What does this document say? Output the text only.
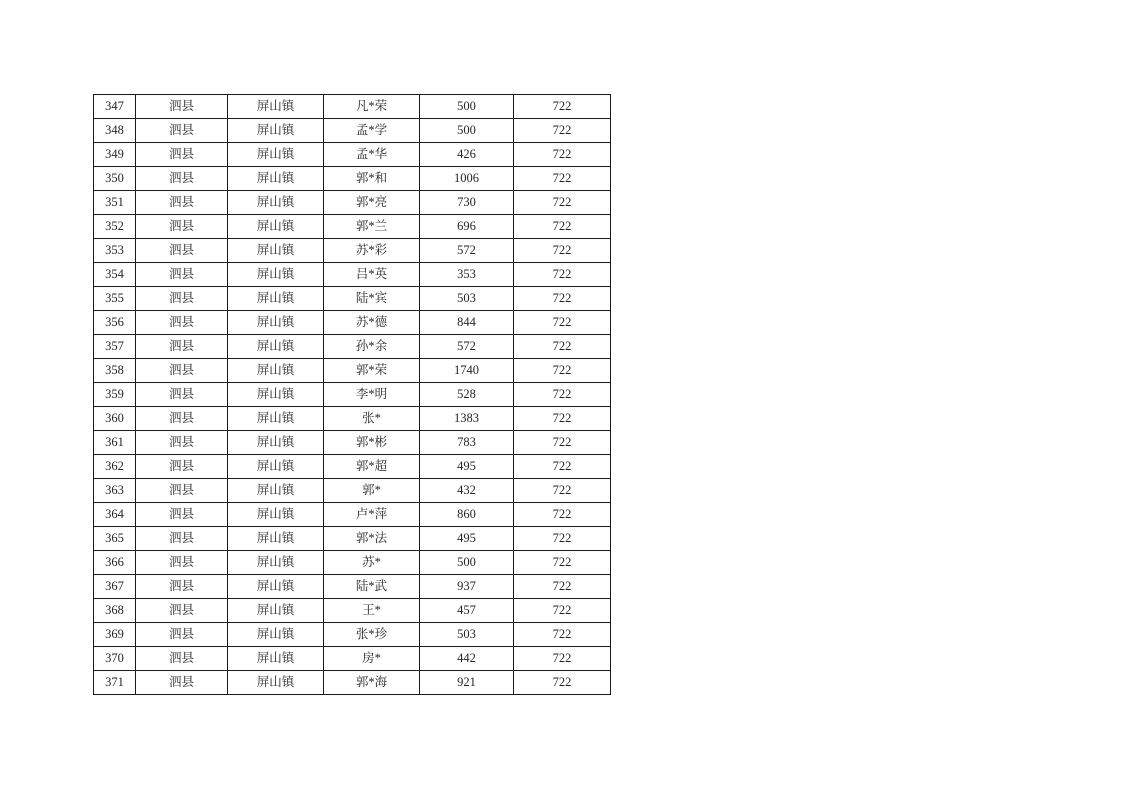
347	泗县	屏山镇	凡*荣	500	722
348	泗县	屏山镇	孟*学	500	722
349	泗县	屏山镇	孟*华	426	722
350	泗县	屏山镇	郭*和	1006	722
351	泗县	屏山镇	郭*亮	730	722
352	泗县	屏山镇	郭*兰	696	722
353	泗县	屏山镇	苏*彩	572	722
354	泗县	屏山镇	吕*英	353	722
355	泗县	屏山镇	陆*宾	503	722
356	泗县	屏山镇	苏*德	844	722
357	泗县	屏山镇	孙*余	572	722
358	泗县	屏山镇	郭*荣	1740	722
359	泗县	屏山镇	李*明	528	722
360	泗县	屏山镇	张*	1383	722
361	泗县	屏山镇	郭*彬	783	722
362	泗县	屏山镇	郭*超	495	722
363	泗县	屏山镇	郭*	432	722
364	泗县	屏山镇	卢*萍	860	722
365	泗县	屏山镇	郭*法	495	722
366	泗县	屏山镇	苏*	500	722
367	泗县	屏山镇	陆*武	937	722
368	泗县	屏山镇	王*	457	722
369	泗县	屏山镇	张*珍	503	722
370	泗县	屏山镇	房*	442	722
371	泗县	屏山镇	郭*海	921	722
